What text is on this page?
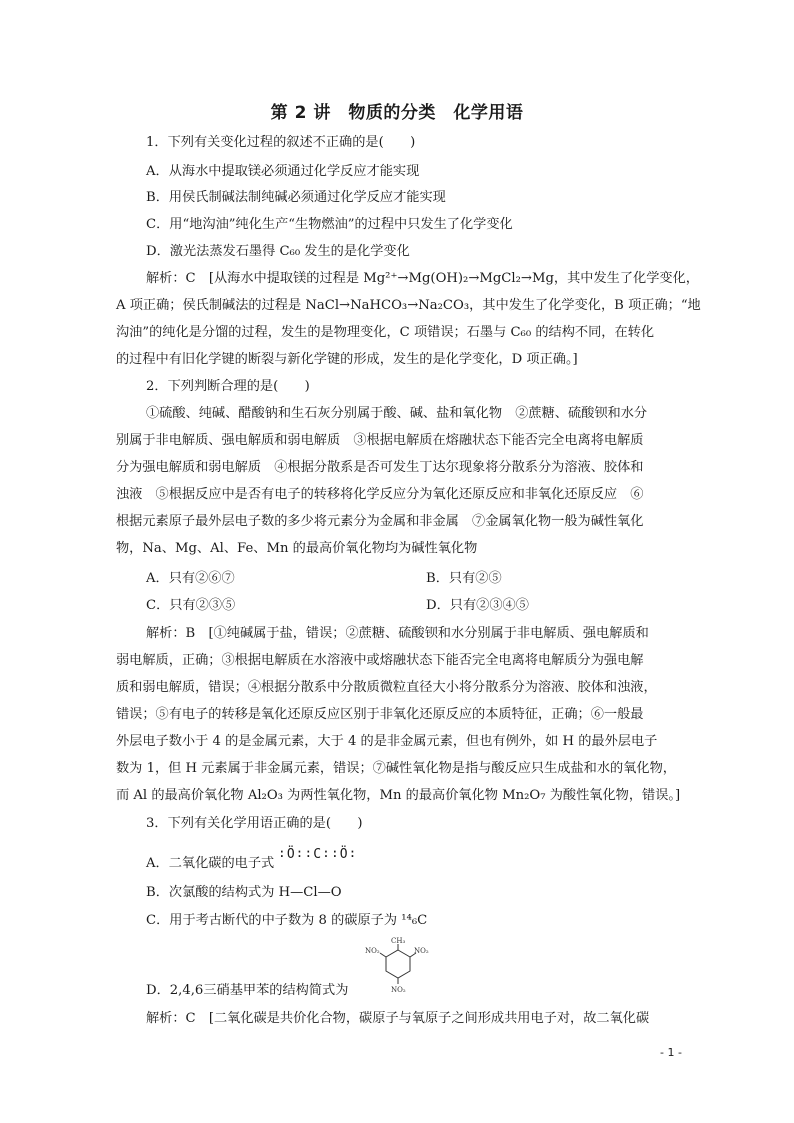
第 2 讲　物质的分类　化学用语
1．下列有关变化过程的叙述不正确的是(　　)
A．从海水中提取镁必须通过化学反应才能实现
B．用侯氏制碱法制纯碱必须通过化学反应才能实现
C．用“地沟油”纯化生产“生物燃油”的过程中只发生了化学变化
D．激光法蒸发石墨得 C₆₀ 发生的是化学变化
解析：C　[从海水中提取镁的过程是 Mg²⁺→Mg(OH)₂→MgCl₂→Mg，其中发生了化学变化，
A 项正确；侯氏制碱法的过程是 NaCl→NaHCO₃→Na₂CO₃，其中发生了化学变化，B 项正确；“地
沟油”的纯化是分馏的过程，发生的是物理变化，C 项错误；石墨与 C₆₀ 的结构不同，在转化
的过程中有旧化学键的断裂与新化学键的形成，发生的是化学变化，D 项正确。]
2．下列判断合理的是(　　)
①硫酸、纯碱、醋酸钠和生石灰分别属于酸、碱、盐和氧化物　②蔗糖、硫酸钡和水分
别属于非电解质、强电解质和弱电解质　③根据电解质在熔融状态下能否完全电离将电解质
分为强电解质和弱电解质　④根据分散系是否可发生丁达尔现象将分散系分为溶液、胶体和
浊液　⑤根据反应中是否有电子的转移将化学反应分为氧化还原反应和非氧化还原反应　⑥
根据元素原子最外层电子数的多少将元素分为金属和非金属　⑦金属氧化物一般为碱性氧化
物，Na、Mg、Al、Fe、Mn 的最高价氧化物均为碱性氧化物
A．只有②⑥⑦	B．只有②⑤
C．只有②③⑤	D．只有②③④⑤
解析：B　[①纯碱属于盐，错误；②蔗糖、硫酸钡和水分别属于非电解质、强电解质和
弱电解质，正确；③根据电解质在水溶液中或熔融状态下能否完全电离将电解质分为强电解
质和弱电解质，错误；④根据分散系中分散质微粒直径大小将分散系分为溶液、胶体和浊液，
错误；⑤有电子的转移是氧化还原反应区别于非氧化还原反应的本质特征，正确；⑥一般最
外层电子数小于 4 的是金属元素，大于 4 的是非金属元素，但也有例外，如 H 的最外层电子
数为 1，但 H 元素属于非金属元素，错误；⑦碱性氧化物是指与酸反应只生成盐和水的氧化物，
而 Al 的最高价氧化物 Al₂O₃ 为两性氧化物，Mn 的最高价氧化物 Mn₂O₇ 为酸性氧化物，错误。]
3．下列有关化学用语正确的是(　　)
A．二氧化碳的电子式
∶Ö∶∶C∶∶Ö∶
B．次氯酸的结构式为 H—Cl—O
C．用于考古断代的中子数为 8 的碳原子为 ¹⁴₆C
NO₂
CH₃
NO₂
NO₂
D．2,4,6三硝基甲苯的结构简式为
解析：C　[二氧化碳是共价化合物，碳原子与氧原子之间形成共用电子对，故二氧化碳
- 1 -
